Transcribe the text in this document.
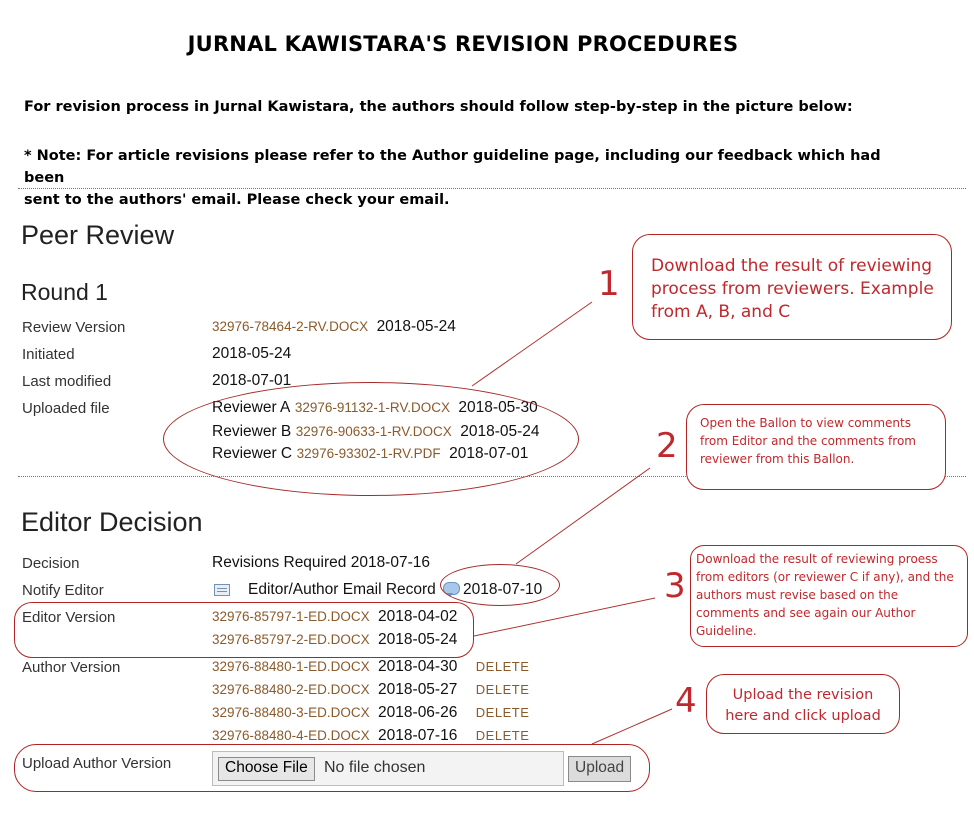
JURNAL KAWISTARA'S REVISION PROCEDURES
For revision process in Jurnal Kawistara, the authors should follow step-by-step in the picture below:
* Note: For article revisions please refer to the Author guideline page, including our feedback which had been
sent to the authors' email. Please check your email.
Peer Review
Round 1
Review Version	32976-78464-2-RV.DOCX 2018-05-24
Initiated	2018-05-24
Last modified	2018-07-01
Uploaded file	Reviewer A 32976-91132-1-RV.DOCX 2018-05-30
Reviewer B 32976-90633-1-RV.DOCX 2018-05-24
Reviewer C 32976-93302-1-RV.PDF 2018-07-01
Editor Decision
Decision	Revisions Required 2018-07-16
Notify Editor	Editor/Author Email Record 2018-07-10
Editor Version	32976-85797-1-ED.DOCX 2018-04-02
32976-85797-2-ED.DOCX 2018-05-24
Author Version	32976-88480-1-ED.DOCX 2018-04-30 DELETE
32976-88480-2-ED.DOCX 2018-05-27 DELETE
32976-88480-3-ED.DOCX 2018-06-26 DELETE
32976-88480-4-ED.DOCX 2018-07-16 DELETE
Upload Author Version	Choose File	No file chosen	Upload
1
2
3
4
Download the result of reviewing
process from reviewers. Example
from A, B, and C
Open the Ballon to view comments
from Editor and the comments from
reviewer from this Ballon.
Download the result of reviewing proess
from editors (or reviewer C if any), and the
authors must revise based on the
comments and see again our Author
Guideline.
Upload the revision
here and click upload
